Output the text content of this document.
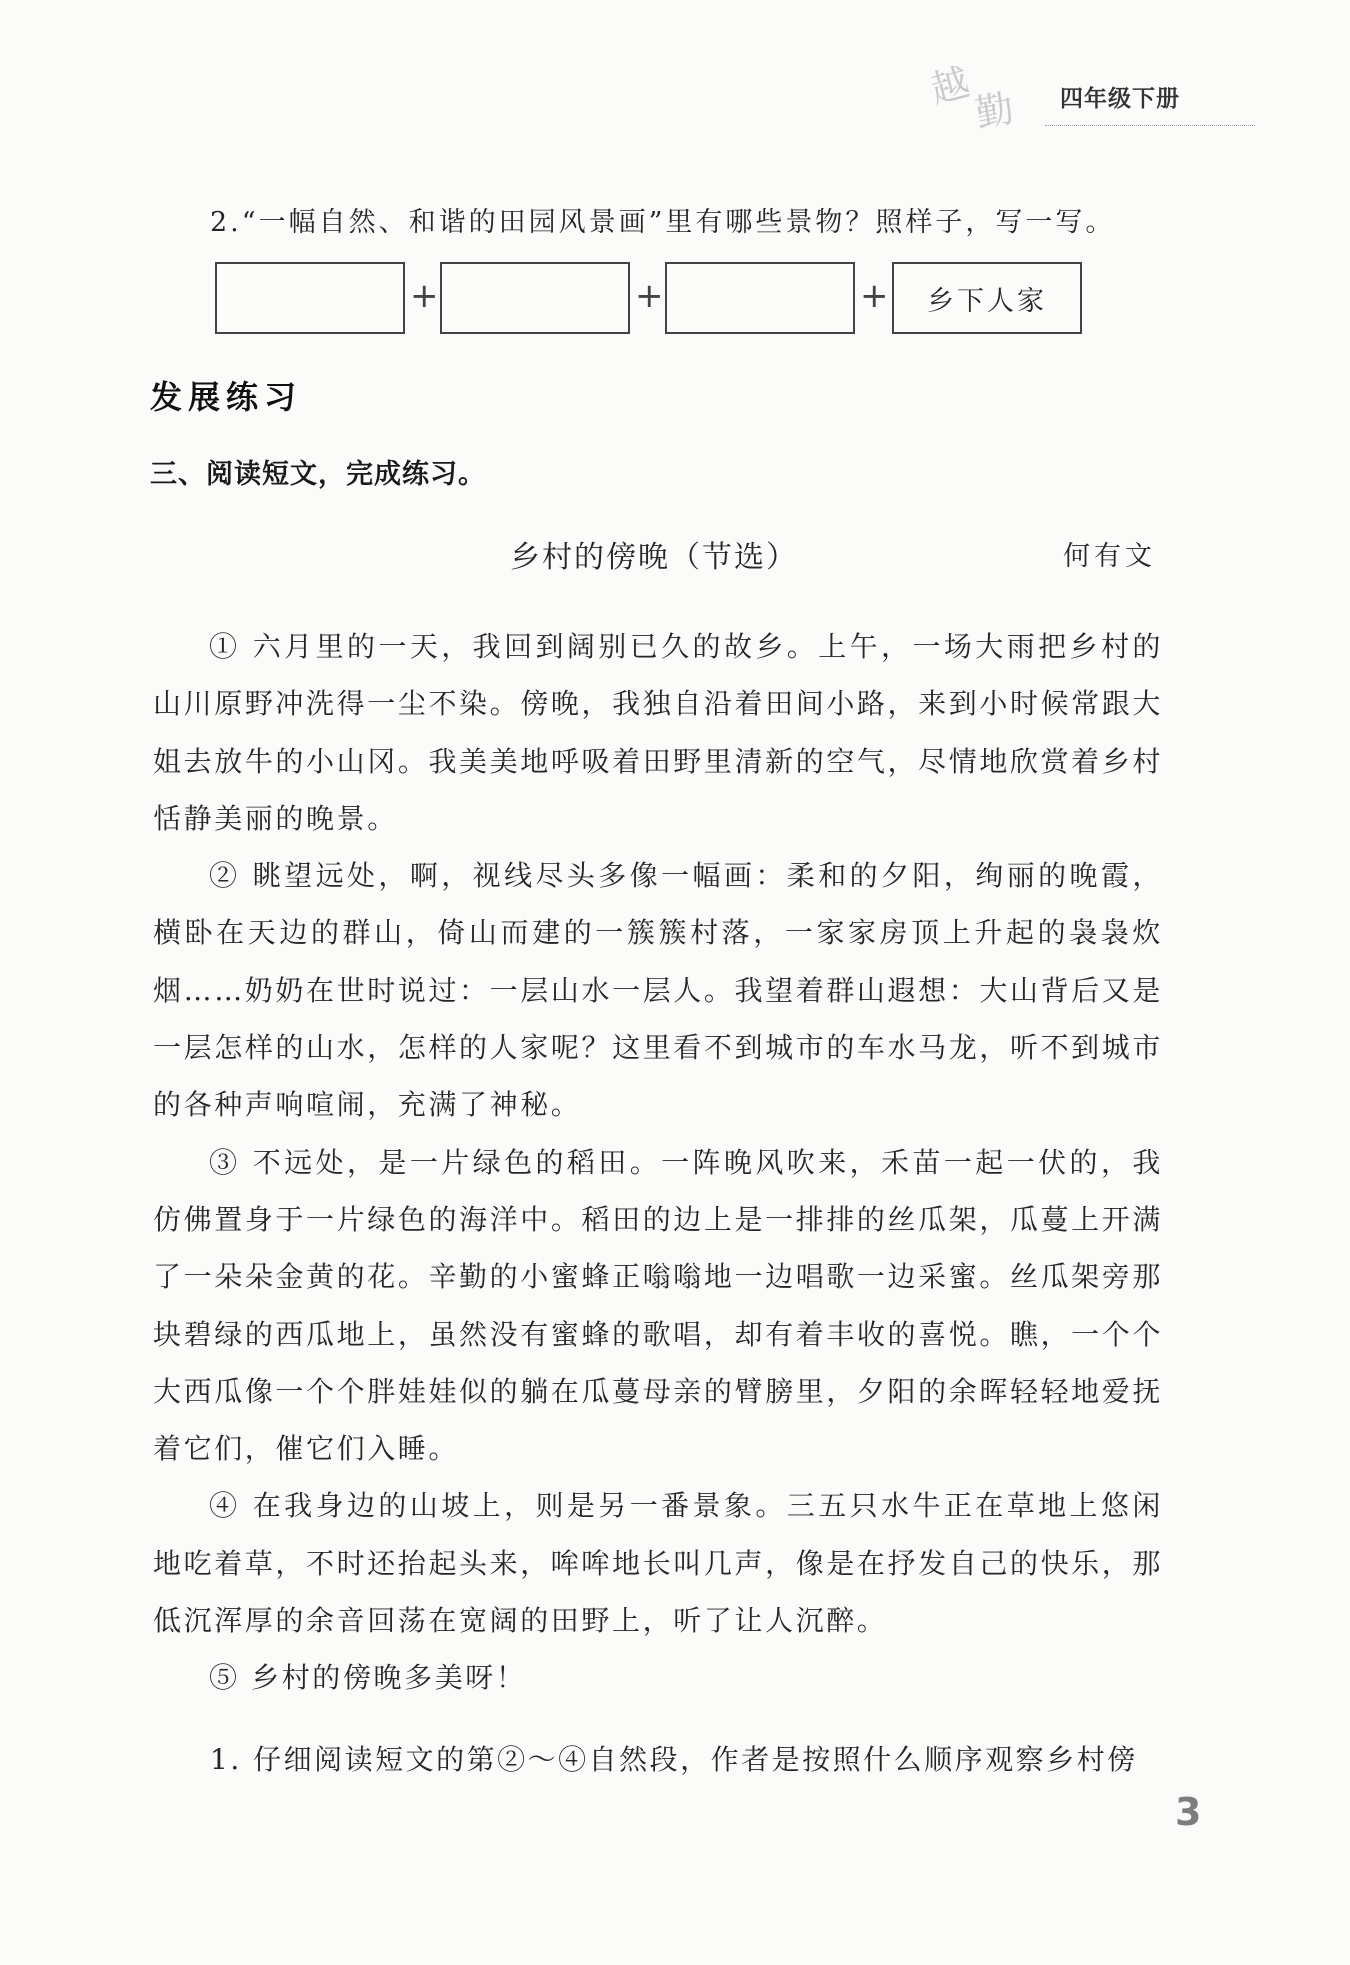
越
勤 四年级下册
2.“一幅自然、和谐的田园风景画”里有哪些景物？照样子，写一写。
+	+	+	乡下人家
发展练习
三、阅读短文，完成练习。
乡村的傍晚（节选）	何有文

① 六月里的一天，我回到阔别已久的故乡。上午，一场大雨把乡村的山川原野冲洗得一尘不染。傍晚，我独自沿着田间小路，来到小时候常跟大姐去放牛的小山冈。我美美地呼吸着田野里清新的空气，尽情地欣赏着乡村恬静美丽的晚景。

② 眺望远处，啊，视线尽头多像一幅画：柔和的夕阳，绚丽的晚霞，横卧在天边的群山，倚山而建的一簇簇村落，一家家房顶上升起的袅袅炊烟……奶奶在世时说过：一层山水一层人。我望着群山遐想：大山背后又是一层怎样的山水，怎样的人家呢？这里看不到城市的车水马龙，听不到城市的各种声响喧闹，充满了神秘。

③ 不远处，是一片绿色的稻田。一阵晚风吹来，禾苗一起一伏的，我仿佛置身于一片绿色的海洋中。稻田的边上是一排排的丝瓜架，瓜蔓上开满了一朵朵金黄的花。辛勤的小蜜蜂正嗡嗡地一边唱歌一边采蜜。丝瓜架旁那块碧绿的西瓜地上，虽然没有蜜蜂的歌唱，却有着丰收的喜悦。瞧，一个个大西瓜像一个个胖娃娃似的躺在瓜蔓母亲的臂膀里，夕阳的余晖轻轻地爱抚着它们，催它们入睡。

④ 在我身边的山坡上，则是另一番景象。三五只水牛正在草地上悠闲地吃着草，不时还抬起头来，哞哞地长叫几声，像是在抒发自己的快乐，那低沉浑厚的余音回荡在宽阔的田野上，听了让人沉醉。

⑤ 乡村的傍晚多美呀！

1. 仔细阅读短文的第②～④自然段，作者是按照什么顺序观察乡村傍
3
